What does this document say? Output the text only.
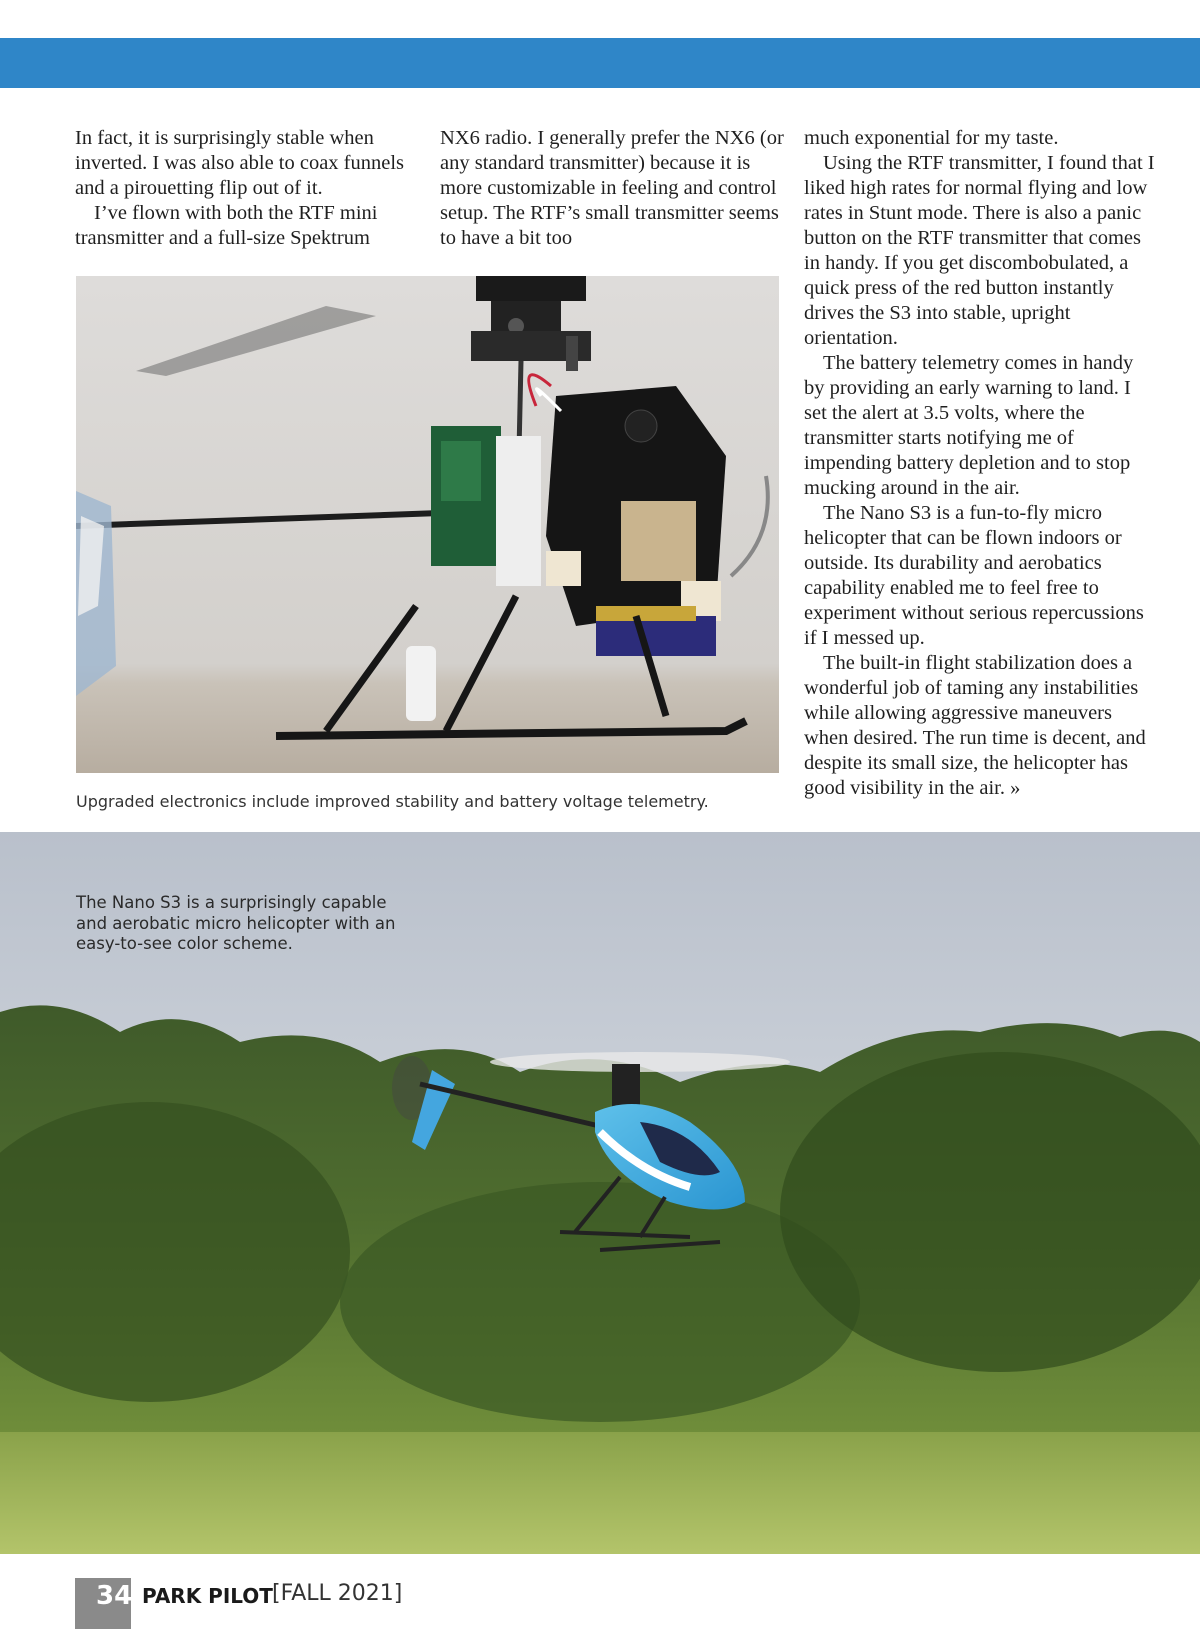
In fact, it is surprisingly stable when inverted. I was also able to coax funnels and a pirouetting flip out of it.

I’ve flown with both the RTF mini transmitter and a full-size Spektrum

NX6 radio. I generally prefer the NX6 (or any standard transmitter) because it is more customizable in feeling and control setup. The RTF’s small transmitter seems to have a bit too

much exponential for my taste.

Using the RTF transmitter, I found that I liked high rates for normal flying and low rates in Stunt mode. There is also a panic button on the RTF transmitter that comes in handy. If you get discombobulated, a quick press of the red button instantly drives the S3 into stable, upright orientation.

The battery telemetry comes in handy by providing an early warning to land. I set the alert at 3.5 volts, where the transmitter starts notifying me of impending battery depletion and to stop mucking around in the air.

The Nano S3 is a fun-to-fly micro helicopter that can be flown indoors or outside. Its durability and aerobatics capability enabled me to feel free to experiment without serious repercussions if I messed up.

The built-in flight stabilization does a wonderful job of taming any instabilities while allowing aggressive maneuvers when desired. The run time is decent, and despite its small size, the helicopter has good visibility in the air. »

Upgraded electronics include improved stability and battery voltage telemetry.
The Nano S3 is a surprisingly capable and aerobatic micro helicopter with an easy-to-see color scheme.
34 PARK PILOT [FALL 2021]
